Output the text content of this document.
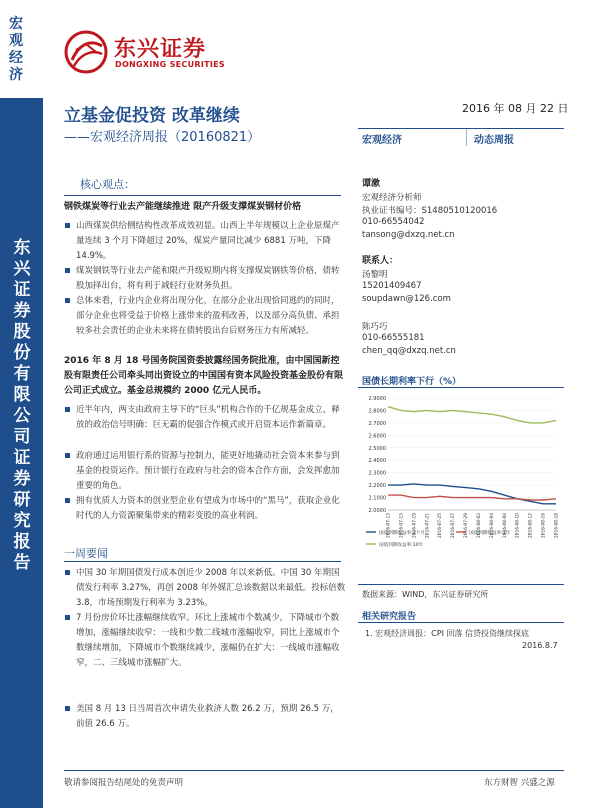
宏
观
经
济
东
兴
证
券
股
份
有
限
公
司
证
券
研
究
报
告
东兴证券
DONGXING SECURITIES
立基金促投资 改革继续
——宏观经济周报（20160821）
2016 年 08 月 22 日
宏观经济	动态周报
核心观点：
钢铁煤炭等行业去产能继续推进 限产升级支撑煤炭钢材价格
山西煤炭供给侧结构性改革成效初显。山西上半年规模以上企业原煤产量连续 3 个月下降超过 20%，煤炭产量同比减少 6881 万吨，下降 14.9%。
煤炭钢铁等行业去产能和限产升级短期内将支撑煤炭钢铁等价格，债转股加择出台，将有利于减轻行业财务负担。
总体来看，行业内企业将出现分化，在部分企业出现恰同逃约的同时，部分企业也将受益于价格上涨带来的盈利改善，以及部分高负债、承担较多社会责任的企业未来将在债转股出台后财务压力有所减轻。
2016 年 8 月 18 号国务院国资委披露经国务院批准，由中国国新控股有限责任公司牵头同出资设立的中国国有资本风险投资基金股份有限公司正式成立。基金总规模约 2000 亿元人民币。
近半年内，两支由政府主导下的“巨头”机构合作的千亿规基金成立，释放的政治信号明确：巨无霸的促强合作模式或开启资本运作新篇章。
政府通过运用银行系的资源与控制力，能更好地撬动社会资本来参与到基金的投资运作。预计银行在政府与社会的资本合作方面，会发挥愈加重要的角色。
拥有优质人力资本的创业型企业有望成为市场中的“黑马”，获取企业化时代的人力资源聚集带来的精彩变股的高业利润。
一周要闻
中国 30 年期国债发行成本创近少 2008 年以来新低。中国 30 年期国债发行利率 3.27%，再创 2008 年外媒汇总该数据以来最低。投标倍数 3.8，市场预期发行利率为 3.23%。
7 月份房价环比涨幅继续收窄。环比上涨城市个数减少，下降城市个数增加，涨幅继续收窄：一线和少数二线城市涨幅收窄，同比上涨城市个数继续增加，下降城市个数继续减少，涨幅仍在扩大：一线城市涨幅收窄，二、三线城市涨幅扩大。
美国 8 月 13 日当周首次申请失业救济人数 26.2 万，预期 26.5 万，前值 26.6 万。
谭漱
宏观经济分析师
执业证书编号：S1480510120016
010-66554042
tansong@dxzq.net.cn
联系人：
汤黎明
15201409467
soupdawn@126.com
陈巧巧
010-66555181
chen_qq@dxzq.net.cn
国债长期利率下行（%）
2.9000
2.8000
2.7000
2.6000
2.5000
2.4000
2.3000
2.2000
2.1000
2.0000
2016-07-13 2016-07-15 2016-07-19 2016-07-21 2016-07-25 2016-07-27 2016-07-29 2016-08-02 2016-08-04 2016-08-08 2016-08-10 2016-08-12 2016-08-16 2016-08-18
国债到期收益率:3个月	国债到期收益率:1年
国债到期收益率:10年
数据来源：WIND，东兴证券研究所
相关研究报告
1. 宏观经济周报：CPI 回落 信贷投资继续探底
2016.8.7
敬请参阅报告结尾处的免责声明	东方财智 兴盛之源
